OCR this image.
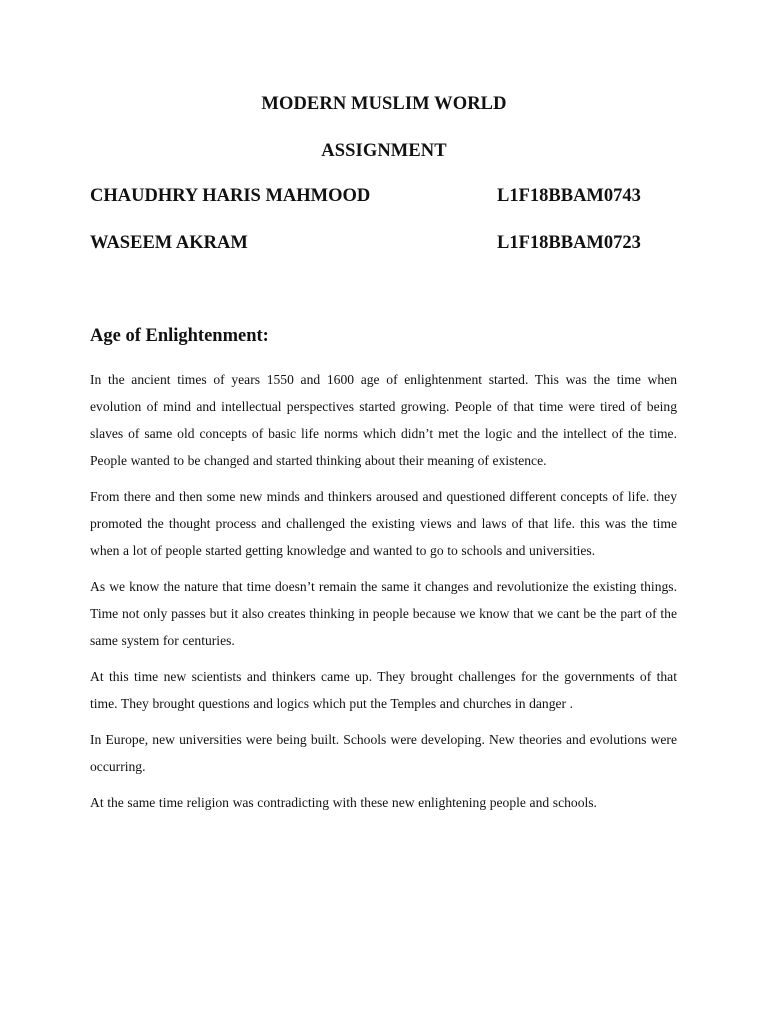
MODERN MUSLIM WORLD
ASSIGNMENT
CHAUDHRY HARIS MAHMOOD	L1F18BBAM0743
WASEEM AKRAM	L1F18BBAM0723
Age of Enlightenment:

In the ancient times of years 1550 and 1600 age of enlightenment started. This was the time when evolution of mind and intellectual perspectives started growing. People of that time were tired of being slaves of same old concepts of basic life norms which didn’t met the logic and the intellect of the time. People wanted to be changed and started thinking about their meaning of existence.

From there and then some new minds and thinkers aroused and questioned different concepts of life. they promoted the thought process and challenged the existing views and laws of that life. this was the time when a lot of people started getting knowledge and wanted to go to schools and universities.

As we know the nature that time doesn’t remain the same it changes and revolutionize the existing things. Time not only passes but it also creates thinking in people because we know that we cant be the part of the same system for centuries.

At this time new scientists and thinkers came up. They brought challenges for the governments of that time. They brought questions and logics which put the Temples and churches in danger .

In Europe, new universities were being built. Schools were developing. New theories and evolutions were occurring.

At the same time religion was contradicting with these new enlightening people and schools.
